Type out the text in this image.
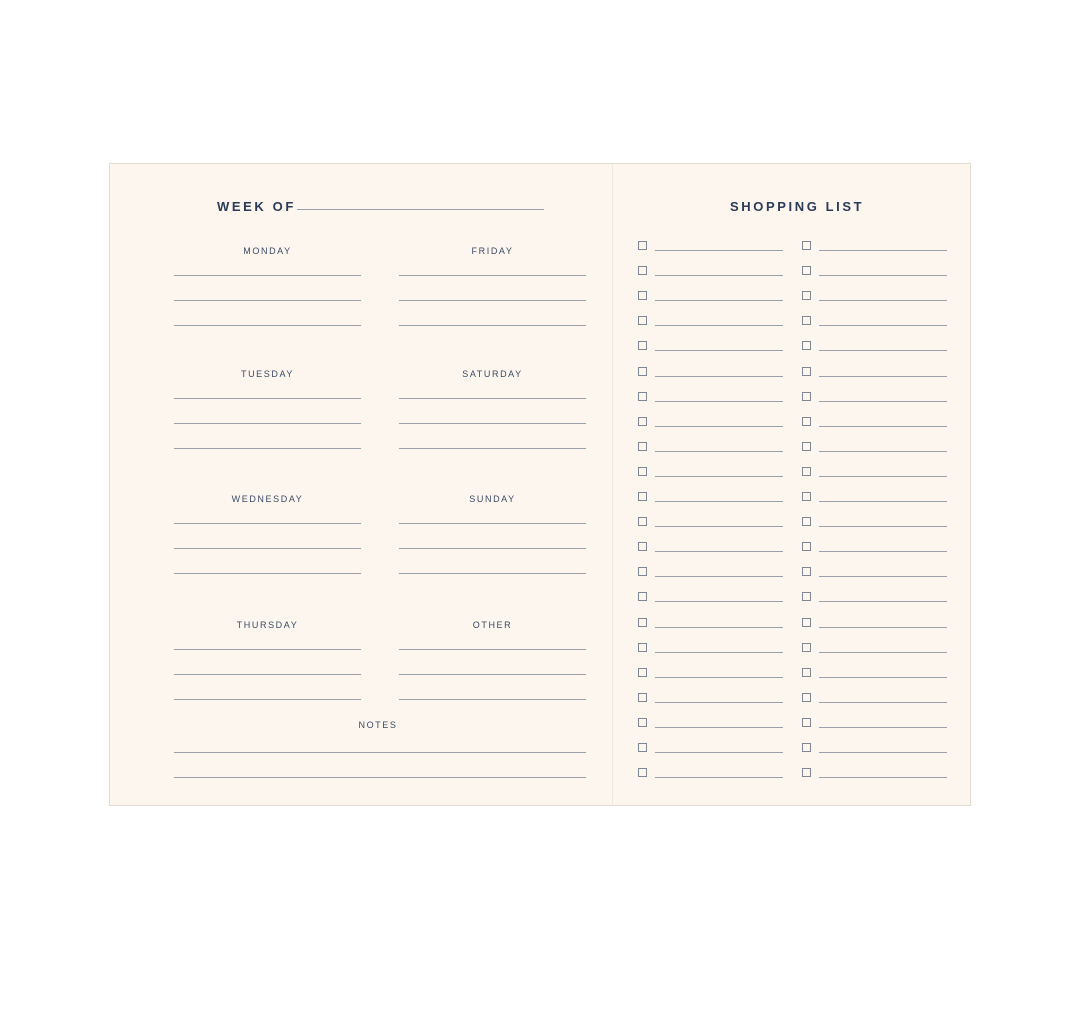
WEEK OF
MONDAY	FRIDAY
TUESDAY	SATURDAY
WEDNESDAY	SUNDAY
THURSDAY	OTHER
NOTES
SHOPPING LIST
